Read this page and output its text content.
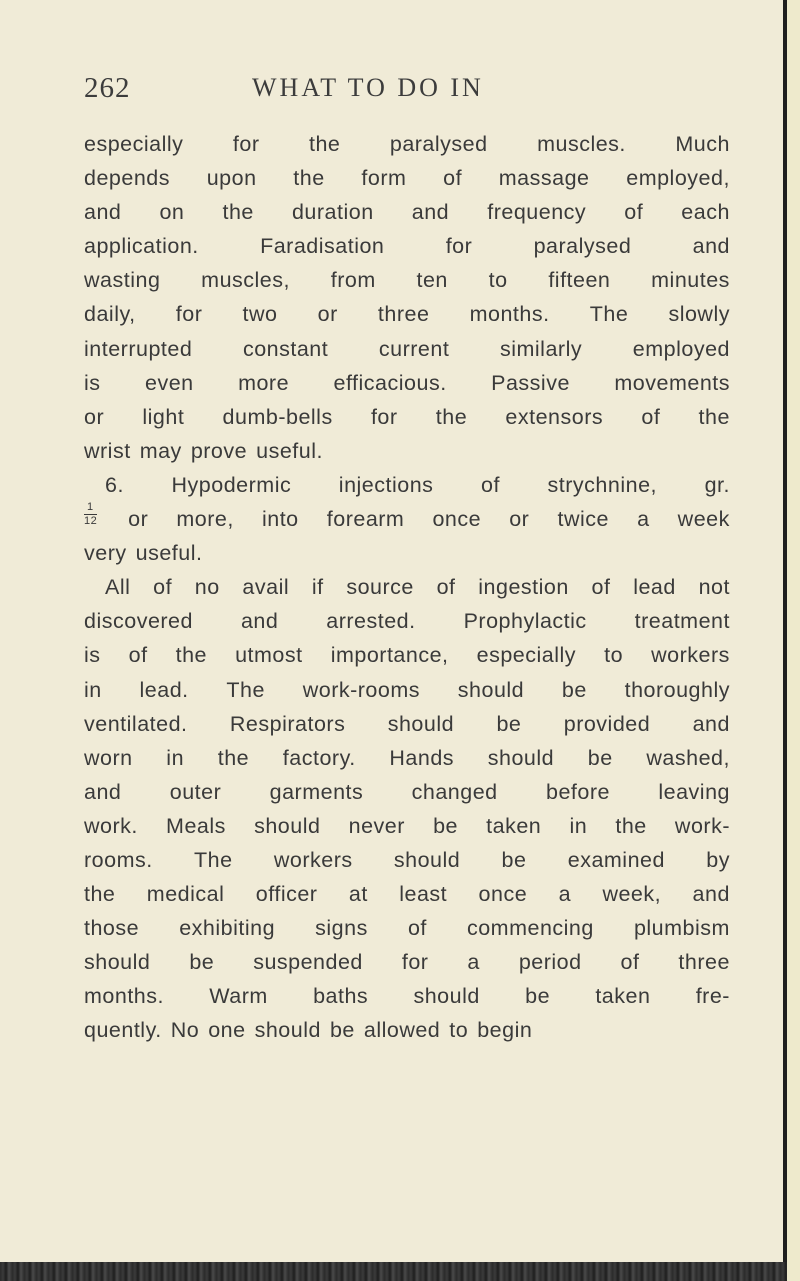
262	WHAT TO DO IN
especially for the paralysed muscles. Much
depends upon the form of massage employed,
and on the duration and frequency of each
application.	Faradisation	for	paralysed	and
wasting muscles, from ten to fifteen minutes
daily, for two or three months. The slowly
interrupted constant current similarly employed
is even more efficacious. Passive movements
or light dumb-bells for the extensors of the
wrist may prove useful.
6. Hypodermic injections of strychnine, gr.
$\frac{1}{12}$ or more, into forearm once or twice a week
very useful.
All of no avail if source of ingestion of lead not
discovered and arrested. Prophylactic treatment
is of the utmost importance, especially to workers
in lead. The work-rooms should be thoroughly
ventilated. Respirators should be provided and
worn in the factory. Hands should be washed,
and outer garments changed before leaving
work. Meals should never be taken in the work-
rooms. The workers should be examined by
the medical officer at least once a week, and
those exhibiting signs of commencing plumbism
should be suspended for a period of three
months. Warm baths should be taken fre-
quently. No one should be allowed to begin
